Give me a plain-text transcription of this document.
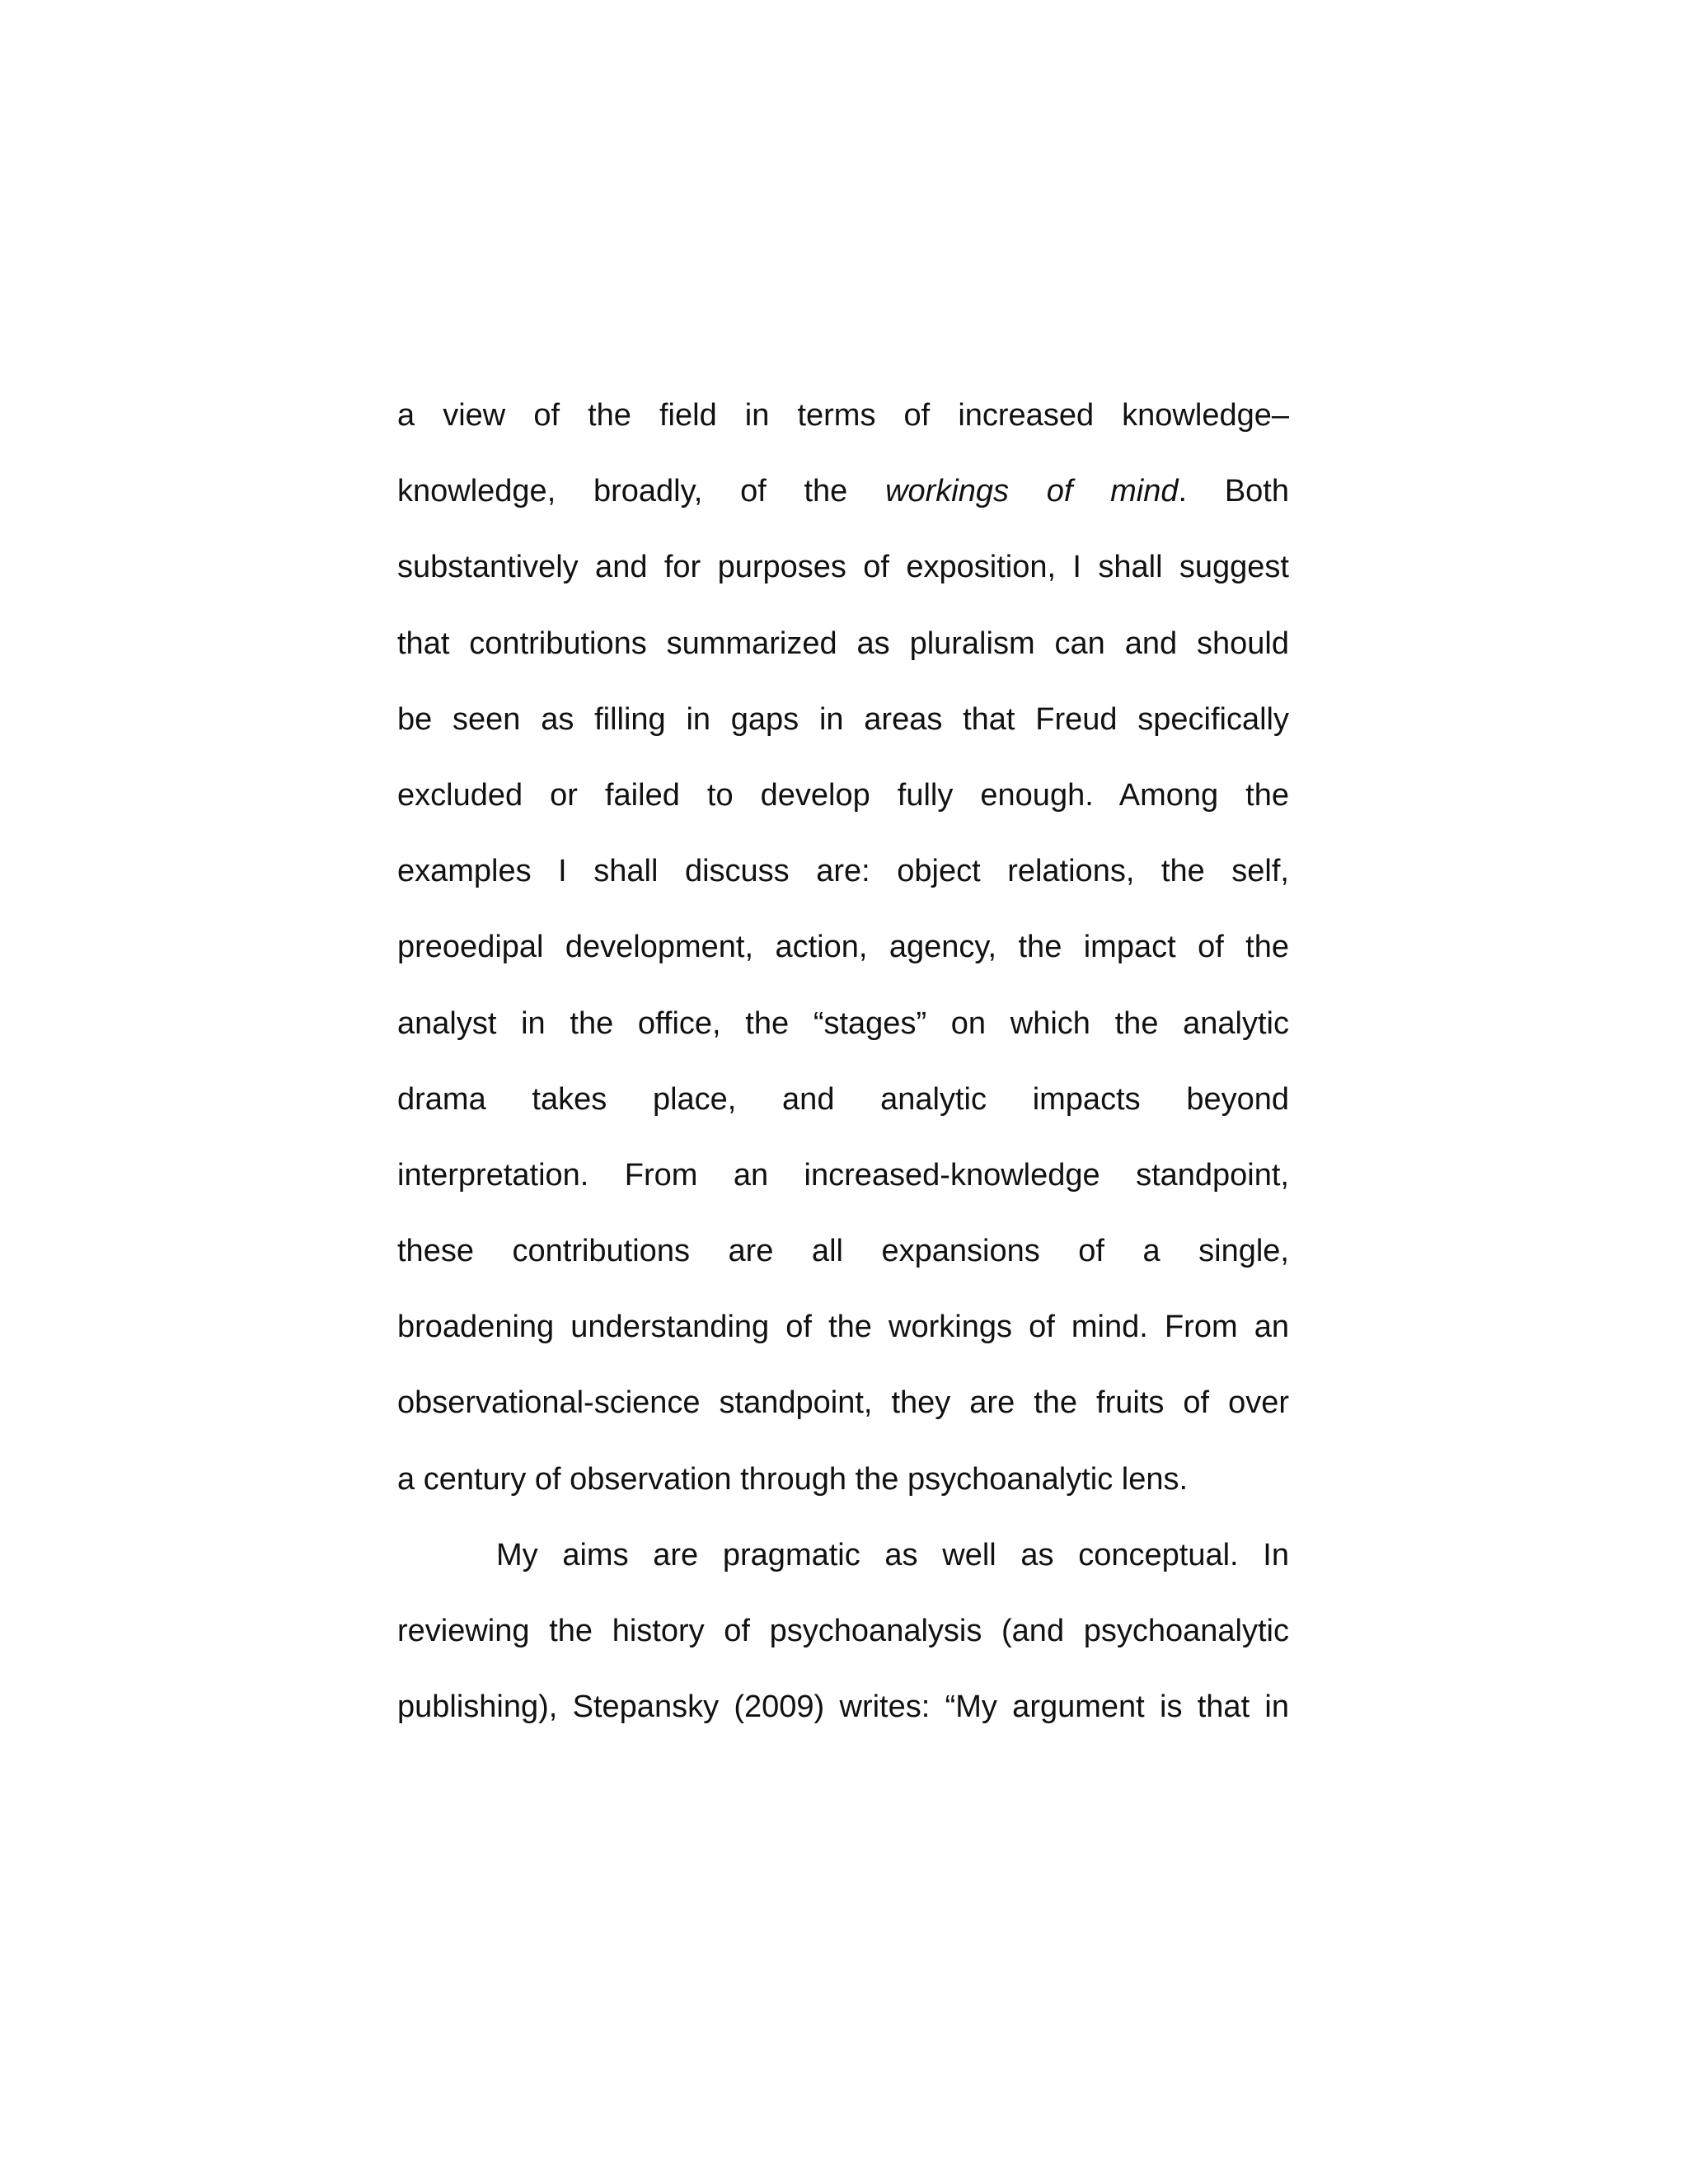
a view of the field in terms of increased knowledge–
knowledge, broadly, of the workings of mind. Both
substantively and for purposes of exposition, I shall suggest
that contributions summarized as pluralism can and should
be seen as filling in gaps in areas that Freud specifically
excluded or failed to develop fully enough. Among the
examples I shall discuss are: object relations, the self,
preoedipal development, action, agency, the impact of the
analyst in the office, the “stages” on which the analytic
drama takes place, and analytic impacts beyond
interpretation. From an increased-knowledge standpoint,
these contributions are all expansions of a single,
broadening understanding of the workings of mind. From an
observational-science standpoint, they are the fruits of over
a century of observation through the psychoanalytic lens.
My aims are pragmatic as well as conceptual. In
reviewing the history of psychoanalysis (and psychoanalytic
publishing), Stepansky (2009) writes: “My argument is that in
